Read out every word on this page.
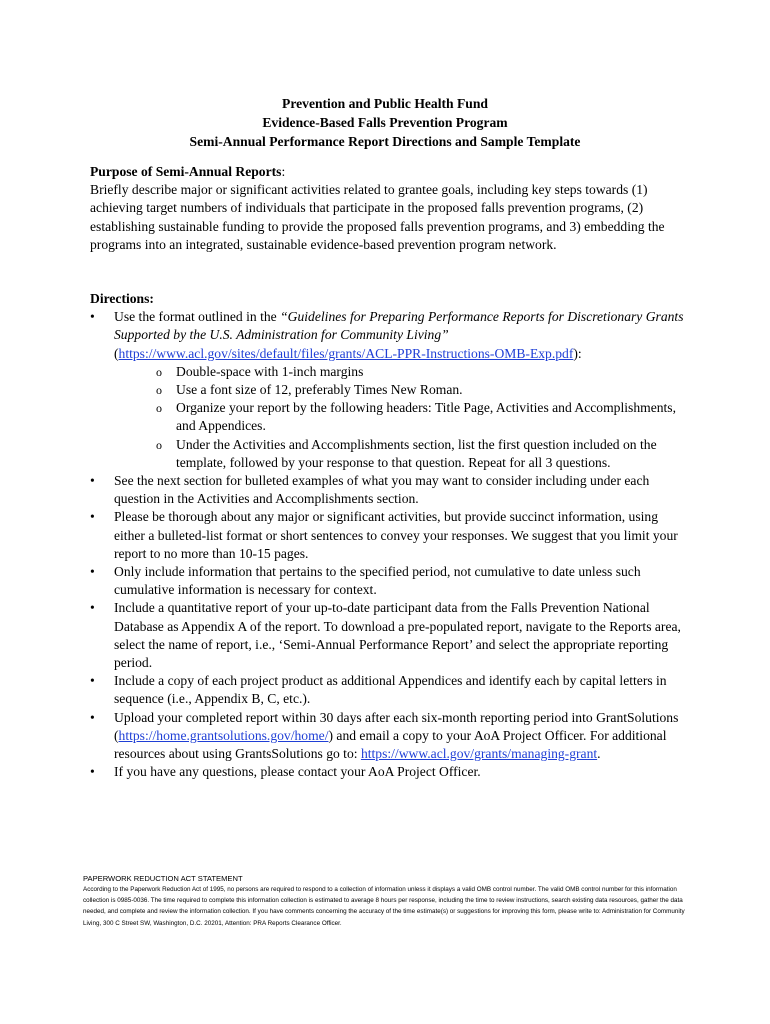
Prevention and Public Health Fund
Evidence-Based Falls Prevention Program
Semi-Annual Performance Report Directions and Sample Template
Purpose of Semi-Annual Reports:

Briefly describe major or significant activities related to grantee goals, including key steps towards (1) achieving target numbers of individuals that participate in the proposed falls prevention programs, (2) establishing sustainable funding to provide the proposed falls prevention programs, and 3) embedding the programs into an integrated, sustainable evidence-based prevention program network.

Directions:
•	Use the format outlined in the “Guidelines for Preparing Performance Reports for Discretionary Grants Supported by the U.S. Administration for Community Living” (https://www.acl.gov/sites/default/files/grants/ACL-PPR-Instructions-OMB-Exp.pdf):
o Double-space with 1-inch margins
o Use a font size of 12, preferably Times New Roman.
o Organize your report by the following headers: Title Page, Activities and Accomplishments, and Appendices.
o Under the Activities and Accomplishments section, list the first question included on the template, followed by your response to that question. Repeat for all 3 questions.
•	See the next section for bulleted examples of what you may want to consider including under each question in the Activities and Accomplishments section.
•	Please be thorough about any major or significant activities, but provide succinct information, using either a bulleted-list format or short sentences to convey your responses. We suggest that you limit your report to no more than 10-15 pages.
•	Only include information that pertains to the specified period, not cumulative to date unless such cumulative information is necessary for context.
•	Include a quantitative report of your up-to-date participant data from the Falls Prevention National Database as Appendix A of the report. To download a pre-populated report, navigate to the Reports area, select the name of report, i.e., ‘Semi-Annual Performance Report’ and select the appropriate reporting period.
•	Include a copy of each project product as additional Appendices and identify each by capital letters in sequence (i.e., Appendix B, C, etc.).
•	Upload your completed report within 30 days after each six-month reporting period into GrantSolutions (https://home.grantsolutions.gov/home/) and email a copy to your AoA Project Officer. For additional resources about using GrantsSolutions go to: https://www.acl.gov/grants/managing-grant.
•	If you have any questions, please contact your AoA Project Officer.
PAPERWORK REDUCTION ACT STATEMENT

According to the Paperwork Reduction Act of 1995, no persons are required to respond to a collection of information unless it displays a valid OMB control number. The valid OMB control number for this information collection is 0985-0036. The time required to complete this information collection is estimated to average 8 hours per response, including the time to review instructions, search existing data resources, gather the data needed, and complete and review the information collection. If you have comments concerning the accuracy of the time estimate(s) or suggestions for improving this form, please write to: Administration for Community Living, 300 C Street SW, Washington, D.C. 20201, Attention: PRA Reports Clearance Officer.
